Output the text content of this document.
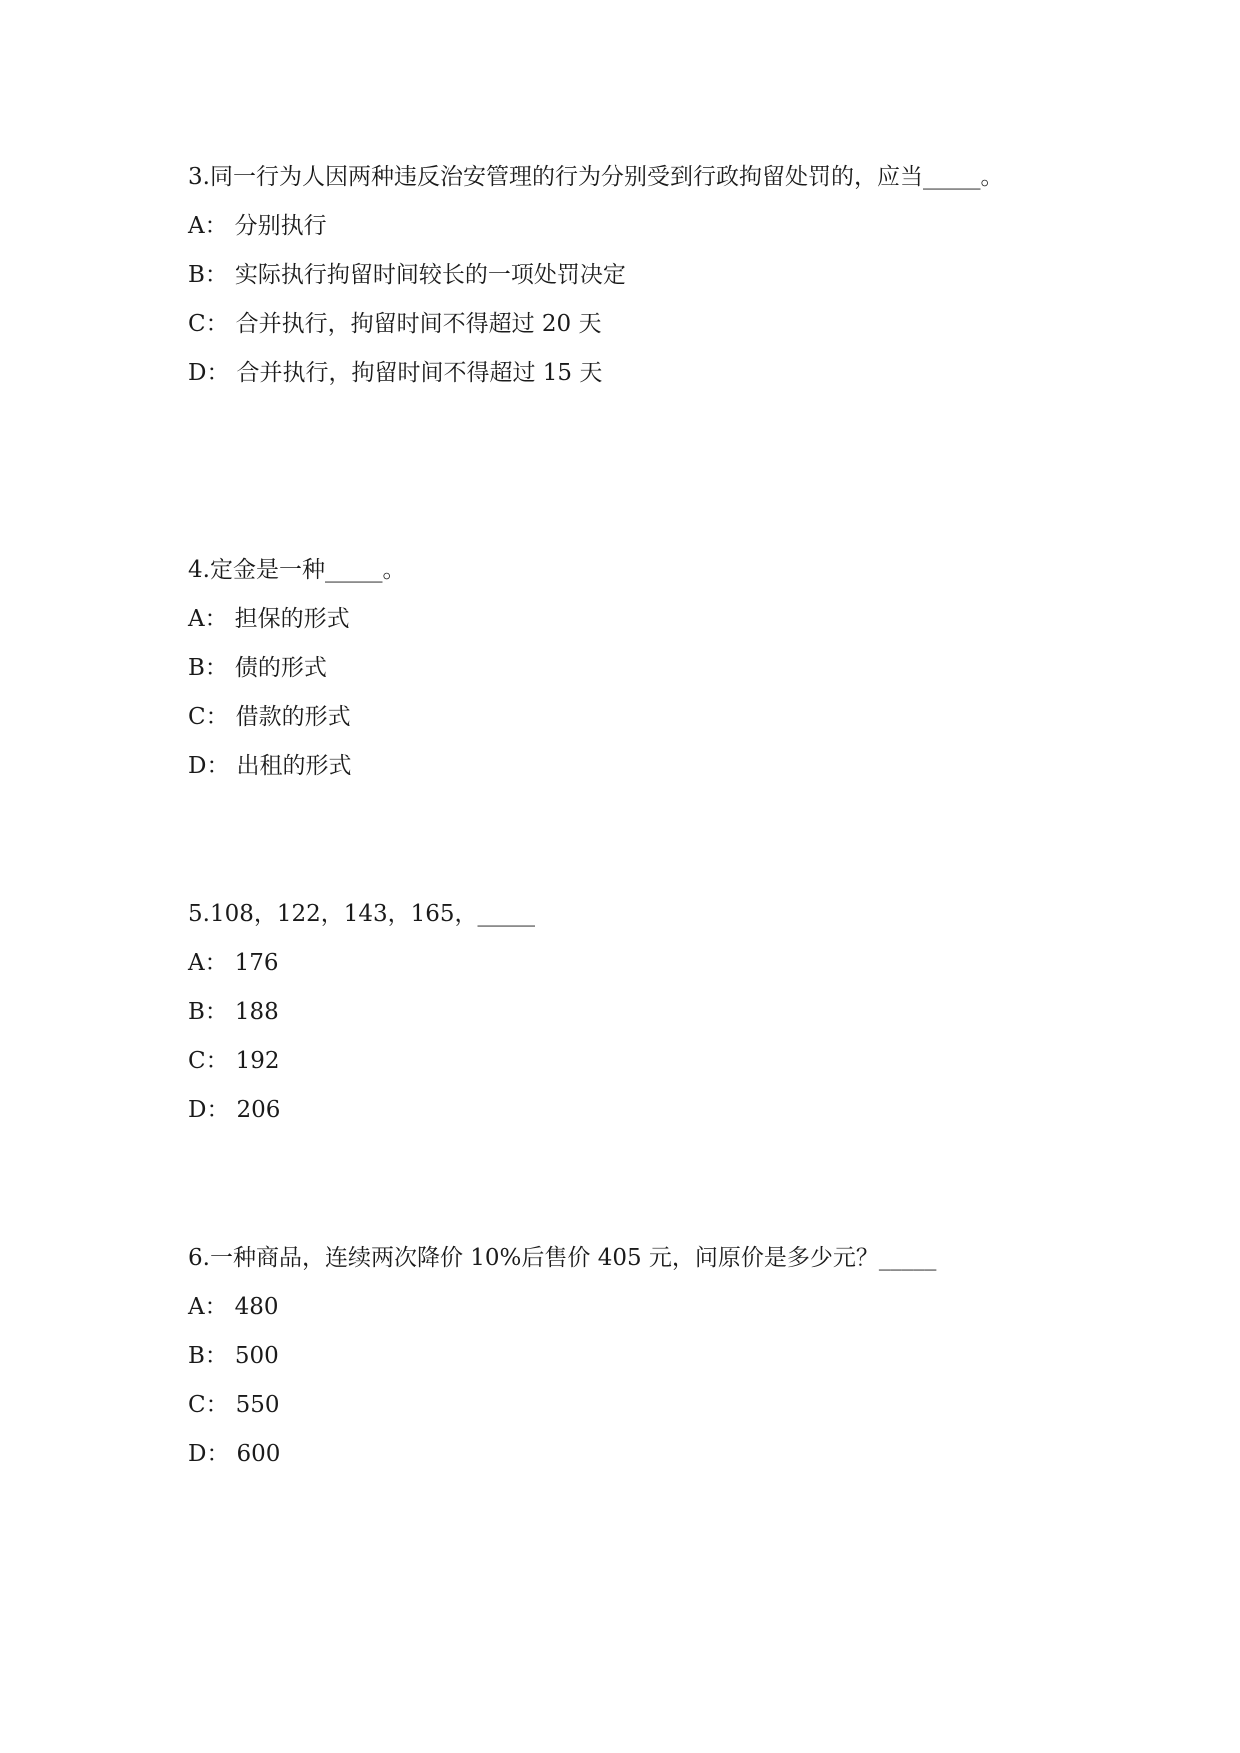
3.同一行为人因两种违反治安管理的行为分别受到行政拘留处罚的，应当_____。

A： 分别执行
B： 实际执行拘留时间较长的一项处罚决定
C： 合并执行，拘留时间不得超过 20 天
D： 合并执行，拘留时间不得超过 15 天

4.定金是一种_____。

A： 担保的形式
B： 债的形式
C： 借款的形式
D： 出租的形式

5.108，122，143，165，_____

A： 176
B： 188
C： 192
D： 206

6.一种商品，连续两次降价 10%后售价 405 元，问原价是多少元？_____

A： 480
B： 500
C： 550
D： 600
